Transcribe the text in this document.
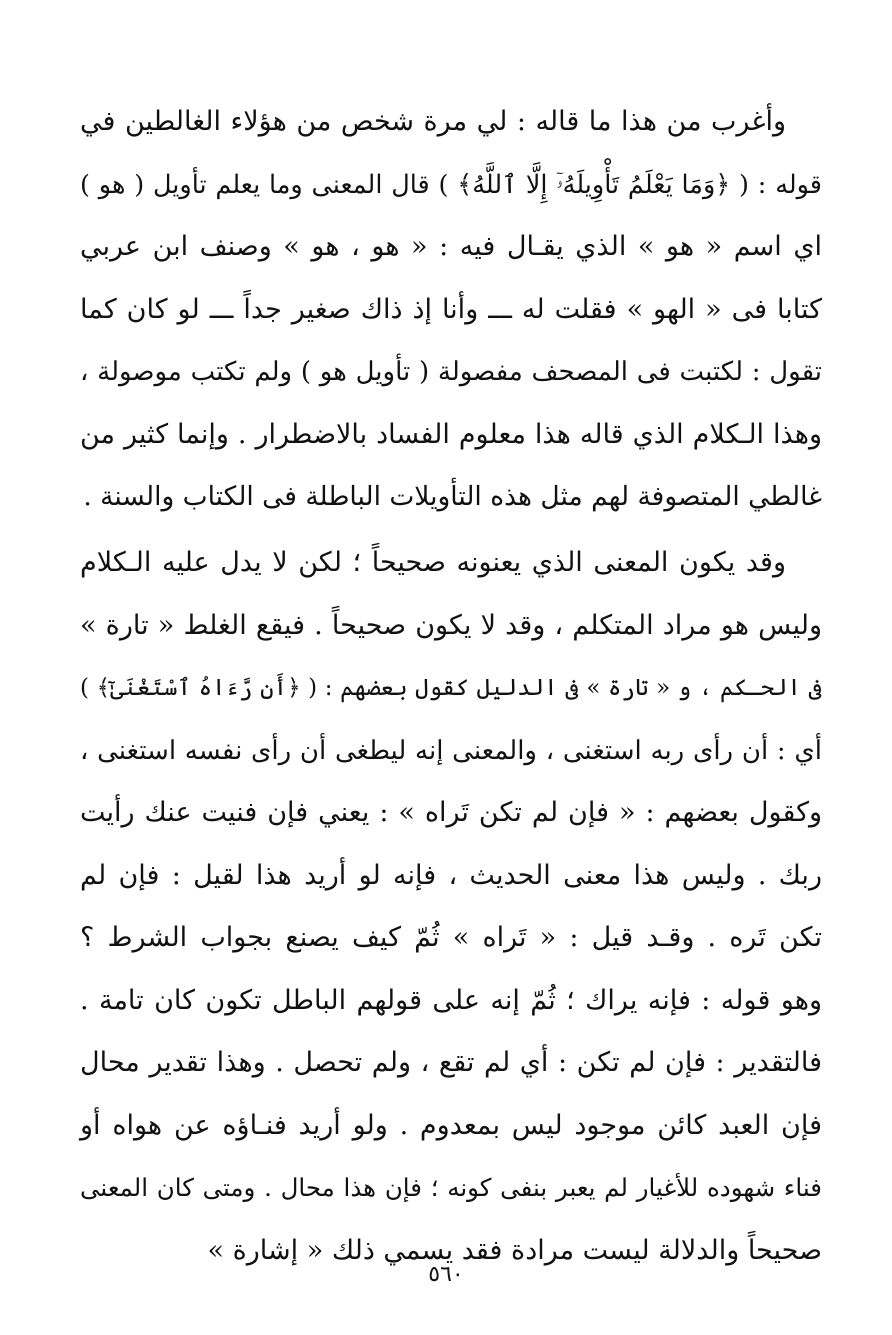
وأغرب من هذا ما قاله : لي مرة شخص من هؤلاء الغالطين في
قوله : ( ﴿وَمَا يَعْلَمُ تَأْوِيلَهُۥٓ إِلَّا ٱللَّهُ﴾ ) قال المعنى وما يعلم تأويل ( هو )
اي اسم « هو » الذي يقـال فيه : « هو ، هو » وصنف ابن عربي
كتابا فى « الهو » فقلت له ـــ وأنا إذ ذاك صغير جداً ـــ لو كان كما
تقول : لكتبت فى المصحف مفصولة ( تأويل هو ) ولم تكتب موصولة ،
وهذا الـكلام الذي قاله هذا معلوم الفساد بالاضطرار . وإنما كثير من
غالطي المتصوفة لهم مثل هذه التأويلات الباطلة فى الكتاب والسنة .
وقد يكون المعنى الذي يعنونه صحيحاً ؛ لكن لا يدل عليه الـكلام
وليس هو مراد المتكلم ، وقد لا يكون صحيحاً . فيقع الغلط « تارة »
فى الحـكم ، و « تارة » فى الدليل كقول بعضهم : ( ﴿أَن رَّءَاهُ ٱسْتَغْنَىٰٓ﴾ )
أي : أن رأى ربه استغنى ، والمعنى إنه ليطغى أن رأى نفسه استغنى ،
وكقول بعضهم : « فإن لم تكن تَراه » : يعني فإن فنيت عنك رأيت
ربك . وليس هذا معنى الحديث ، فإنه لو أريد هذا لقيل : فإن لم
تكن تَره . وقـد قيل : « تَراه » ثُمّ كيف يصنع بجواب الشرط ؟
وهو قوله : فإنه يراك ؛ ثُمّ إنه على قولهم الباطل تكون كان تامة .
فالتقدير : فإن لم تكن : أي لم تقع ، ولم تحصل . وهذا تقدير محال
فإن العبد كائن موجود ليس بمعدوم . ولو أريد فنـاؤه عن هواه أو
فناء شهوده للأغيار لم يعبر بنفى كونه ؛ فإن هذا محال . ومتى كان المعنى
صحيحاً والدلالة ليست مرادة فقد يسمي ذلك « إشارة »
٥٦٠
